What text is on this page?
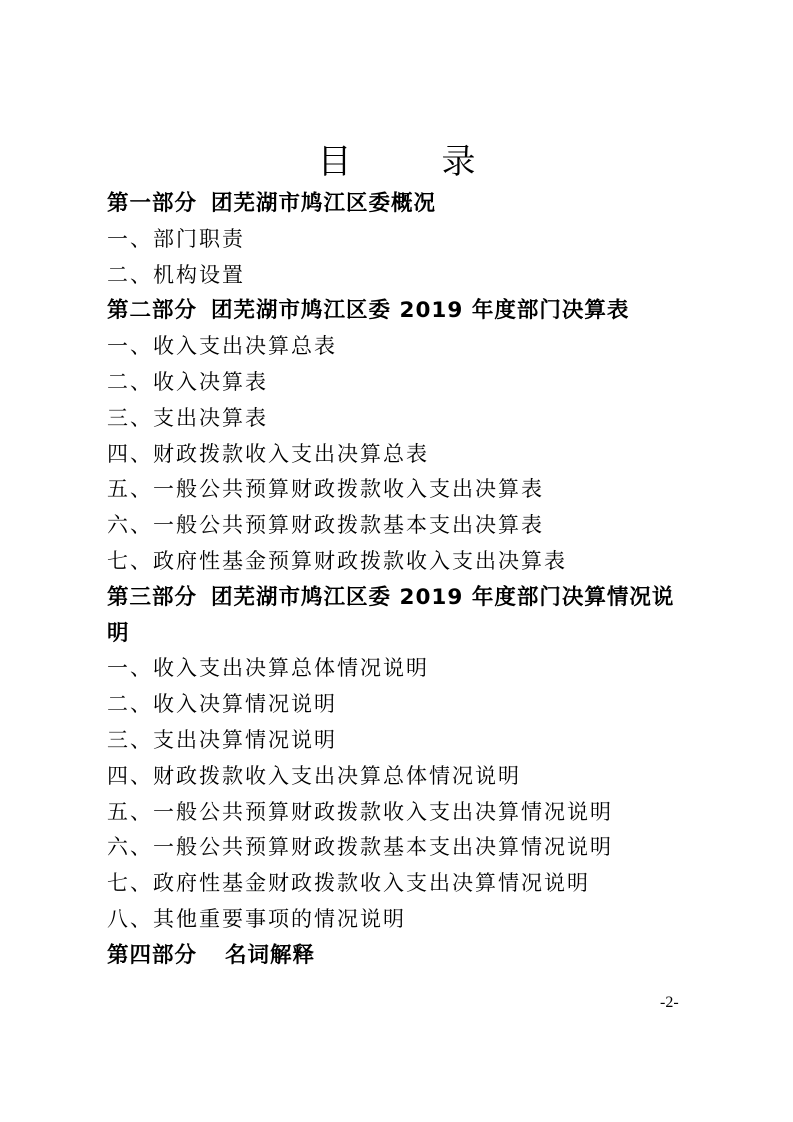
目　录
第一部分 团芜湖市鸠江区委概况
一、部门职责
二、机构设置
第二部分 团芜湖市鸠江区委 2019 年度部门决算表
一、收入支出决算总表
二、收入决算表
三、支出决算表
四、财政拨款收入支出决算总表
五、一般公共预算财政拨款收入支出决算表
六、一般公共预算财政拨款基本支出决算表
七、政府性基金预算财政拨款收入支出决算表
第三部分 团芜湖市鸠江区委 2019 年度部门决算情况说
明
一、收入支出决算总体情况说明
二、收入决算情况说明
三、支出决算情况说明
四、财政拨款收入支出决算总体情况说明
五、一般公共预算财政拨款收入支出决算情况说明
六、一般公共预算财政拨款基本支出决算情况说明
七、政府性基金财政拨款收入支出决算情况说明
八、其他重要事项的情况说明
第四部分 名词解释
-2-
